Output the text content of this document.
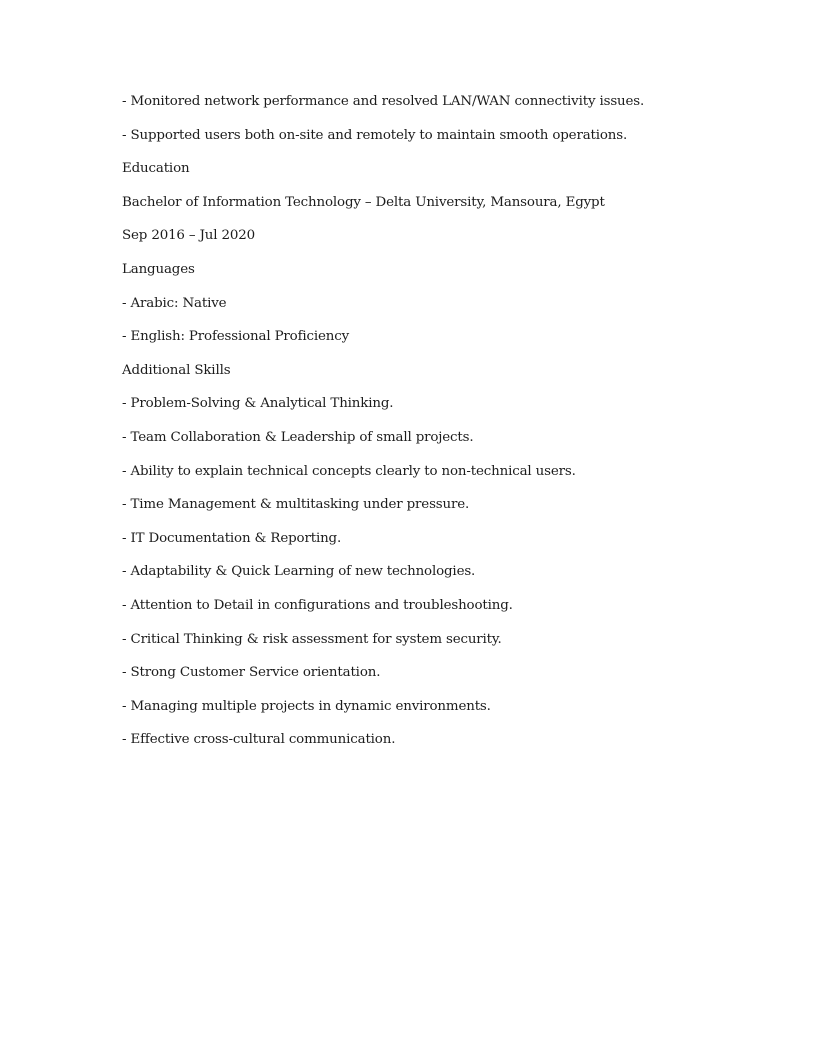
- Monitored network performance and resolved LAN/WAN connectivity issues.

- Supported users both on-site and remotely to maintain smooth operations.

Education

Bachelor of Information Technology – Delta University, Mansoura, Egypt

Sep 2016 – Jul 2020

Languages

- Arabic: Native

- English: Professional Proficiency

Additional Skills

- Problem-Solving & Analytical Thinking.

- Team Collaboration & Leadership of small projects.

- Ability to explain technical concepts clearly to non-technical users.

- Time Management & multitasking under pressure.

- IT Documentation & Reporting.

- Adaptability & Quick Learning of new technologies.

- Attention to Detail in configurations and troubleshooting.

- Critical Thinking & risk assessment for system security.

- Strong Customer Service orientation.

- Managing multiple projects in dynamic environments.

- Effective cross-cultural communication.
